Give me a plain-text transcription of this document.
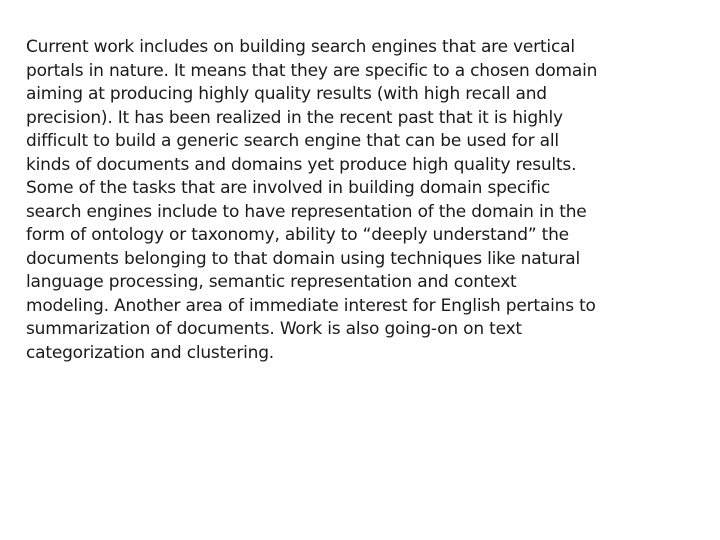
Current work includes on building search engines that are vertical
portals in nature. It means that they are specific to a chosen domain
aiming at producing highly quality results (with high recall and
precision). It has been realized in the recent past that it is highly
difficult to build a generic search engine that can be used for all
kinds of documents and domains yet produce high quality results.
Some of the tasks that are involved in building domain specific
search engines include to have representation of the domain in the
form of ontology or taxonomy, ability to “deeply understand” the
documents belonging to that domain using techniques like natural
language processing, semantic representation and context
modeling. Another area of immediate interest for English pertains to
summarization of documents. Work is also going-on on text
categorization and clustering.
